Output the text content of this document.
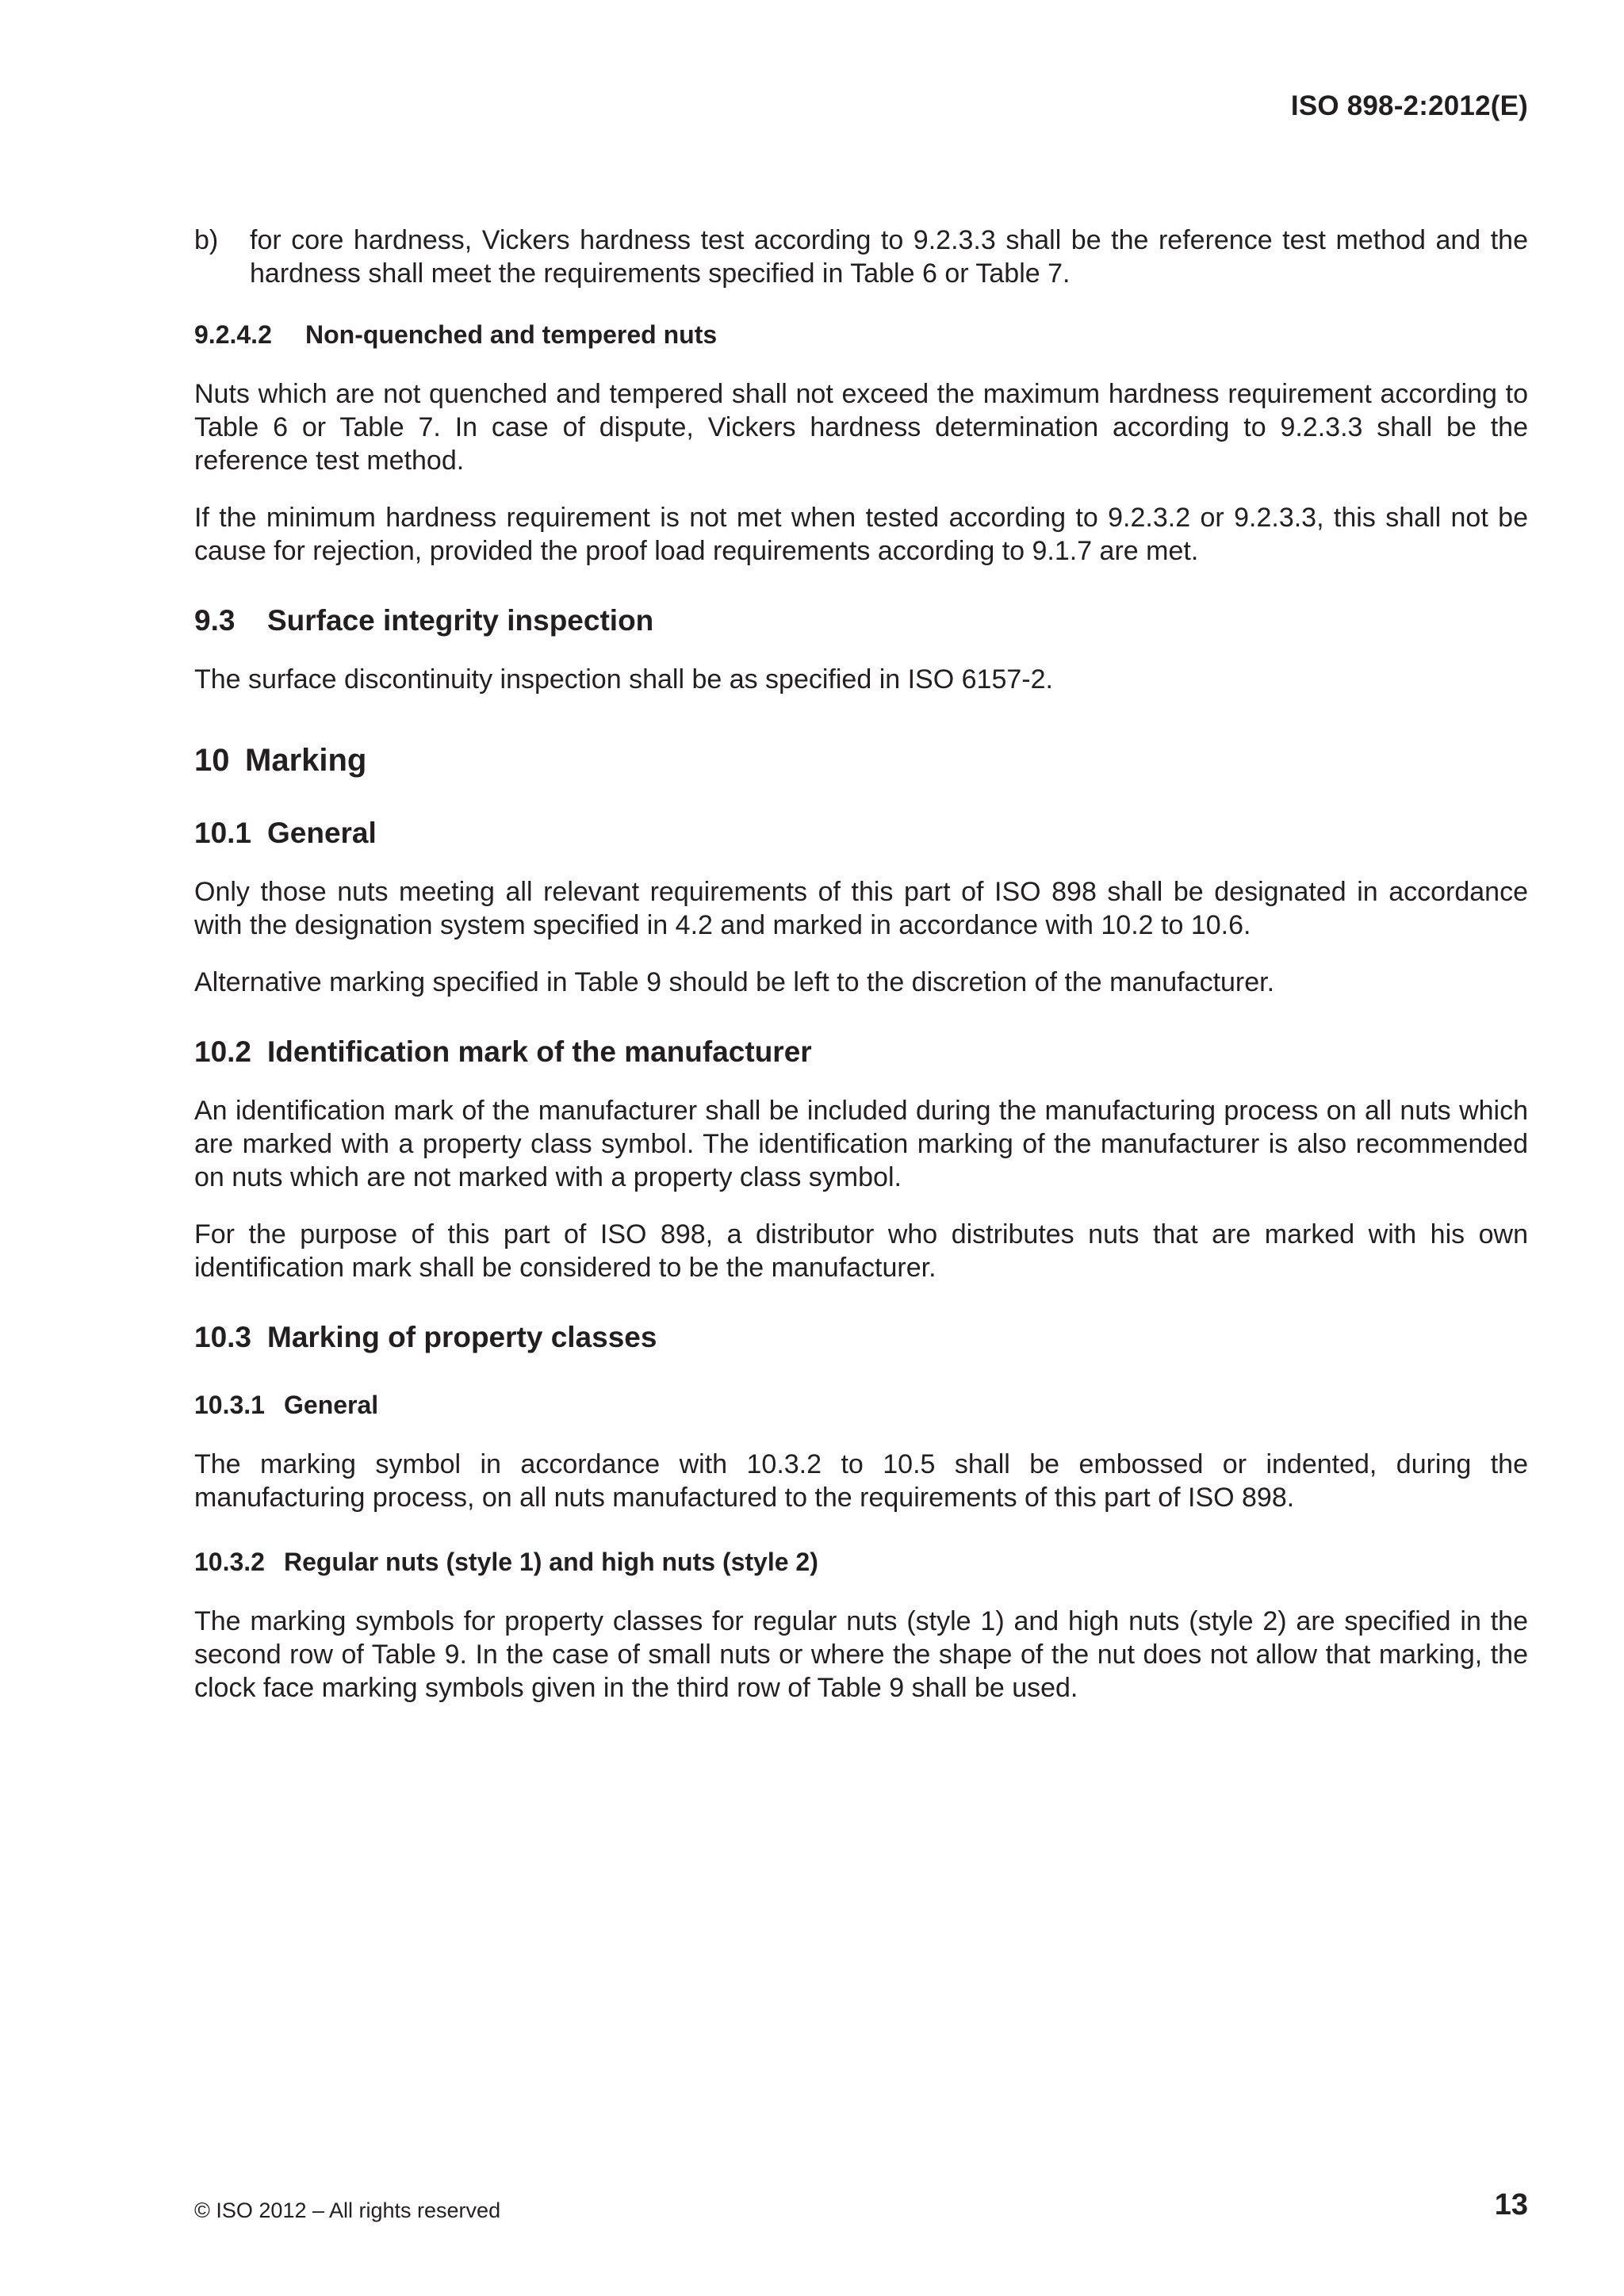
ISO 898-2:2012(E)
b)	for core hardness, Vickers hardness test according to 9.2.3.3 shall be the reference test method and the hardness shall meet the requirements specified in Table 6 or Table 7.

9.2.4.2 Non-quenched and tempered nuts

Nuts which are not quenched and tempered shall not exceed the maximum hardness requirement according to Table 6 or Table 7. In case of dispute, Vickers hardness determination according to 9.2.3.3 shall be the reference test method.

If the minimum hardness requirement is not met when tested according to 9.2.3.2 or 9.2.3.3, this shall not be cause for rejection, provided the proof load requirements according to 9.1.7 are met.

9.3 Surface integrity inspection

The surface discontinuity inspection shall be as specified in ISO 6157-2.

10 Marking
10.1 General

Only those nuts meeting all relevant requirements of this part of ISO 898 shall be designated in accordance with the designation system specified in 4.2 and marked in accordance with 10.2 to 10.6.

Alternative marking specified in Table 9 should be left to the discretion of the manufacturer.

10.2 Identification mark of the manufacturer

An identification mark of the manufacturer shall be included during the manufacturing process on all nuts which are marked with a property class symbol. The identification marking of the manufacturer is also recommended on nuts which are not marked with a property class symbol.

For the purpose of this part of ISO 898, a distributor who distributes nuts that are marked with his own identification mark shall be considered to be the manufacturer.

10.3 Marking of property classes
10.3.1 General

The marking symbol in accordance with 10.3.2 to 10.5 shall be embossed or indented, during the manufacturing process, on all nuts manufactured to the requirements of this part of ISO 898.

10.3.2 Regular nuts (style 1) and high nuts (style 2)

The marking symbols for property classes for regular nuts (style 1) and high nuts (style 2) are specified in the second row of Table 9. In the case of small nuts or where the shape of the nut does not allow that marking, the clock face marking symbols given in the third row of Table 9 shall be used.

© ISO 2012 – All rights reserved	13
